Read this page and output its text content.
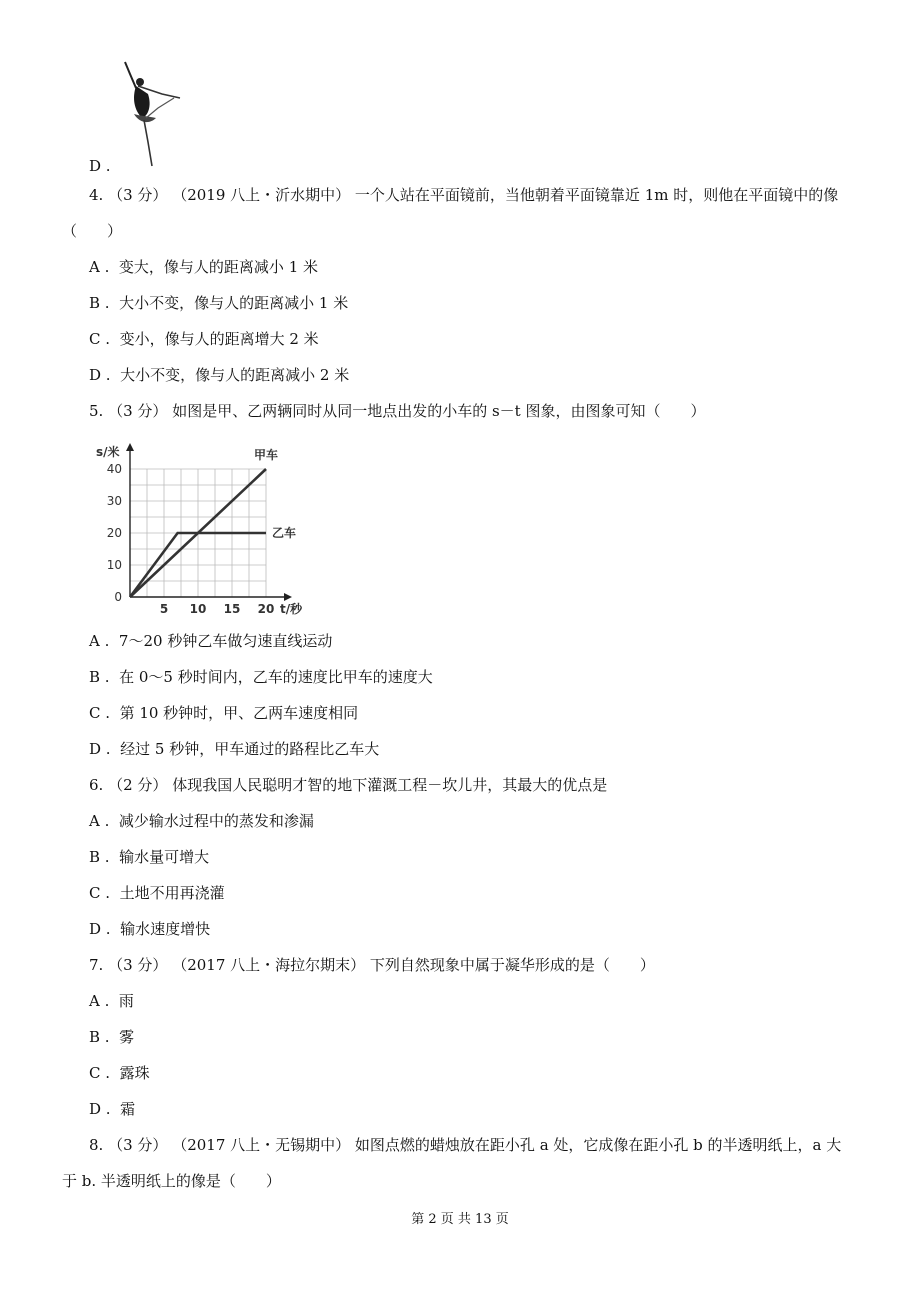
D .
4. （3 分） （2019 八上・沂水期中） 一个人站在平面镜前，当他朝着平面镜靠近 1m 时，则他在平面镜中的像
（　　）
A . 变大，像与人的距离减小 1 米
B . 大小不变，像与人的距离减小 1 米
C . 变小，像与人的距离增大 2 米
D . 大小不变，像与人的距离减小 2 米
5. （3 分） 如图是甲、乙两辆同时从同一地点出发的小车的 s－t 图象，由图象可知（　　）
甲车
乙车
0
10
20
30
40
5 10 15 20
s/米
t/秒
A . 7～20 秒钟乙车做匀速直线运动
B . 在 0～5 秒时间内，乙车的速度比甲车的速度大
C . 第 10 秒钟时，甲、乙两车速度相同
D . 经过 5 秒钟，甲车通过的路程比乙车大
6. （2 分） 体现我国人民聪明才智的地下灌溉工程－坎儿井，其最大的优点是
A . 减少输水过程中的蒸发和渗漏
B . 输水量可增大
C . 土地不用再浇灌
D . 输水速度增快
7. （3 分） （2017 八上・海拉尔期末） 下列自然现象中属于凝华形成的是（　　）
A . 雨
B . 雾
C . 露珠
D . 霜
8. （3 分） （2017 八上・无锡期中） 如图点燃的蜡烛放在距小孔 a 处，它成像在距小孔 b 的半透明纸上，a 大
于 b. 半透明纸上的像是（　　）
第 2 页 共 13 页
